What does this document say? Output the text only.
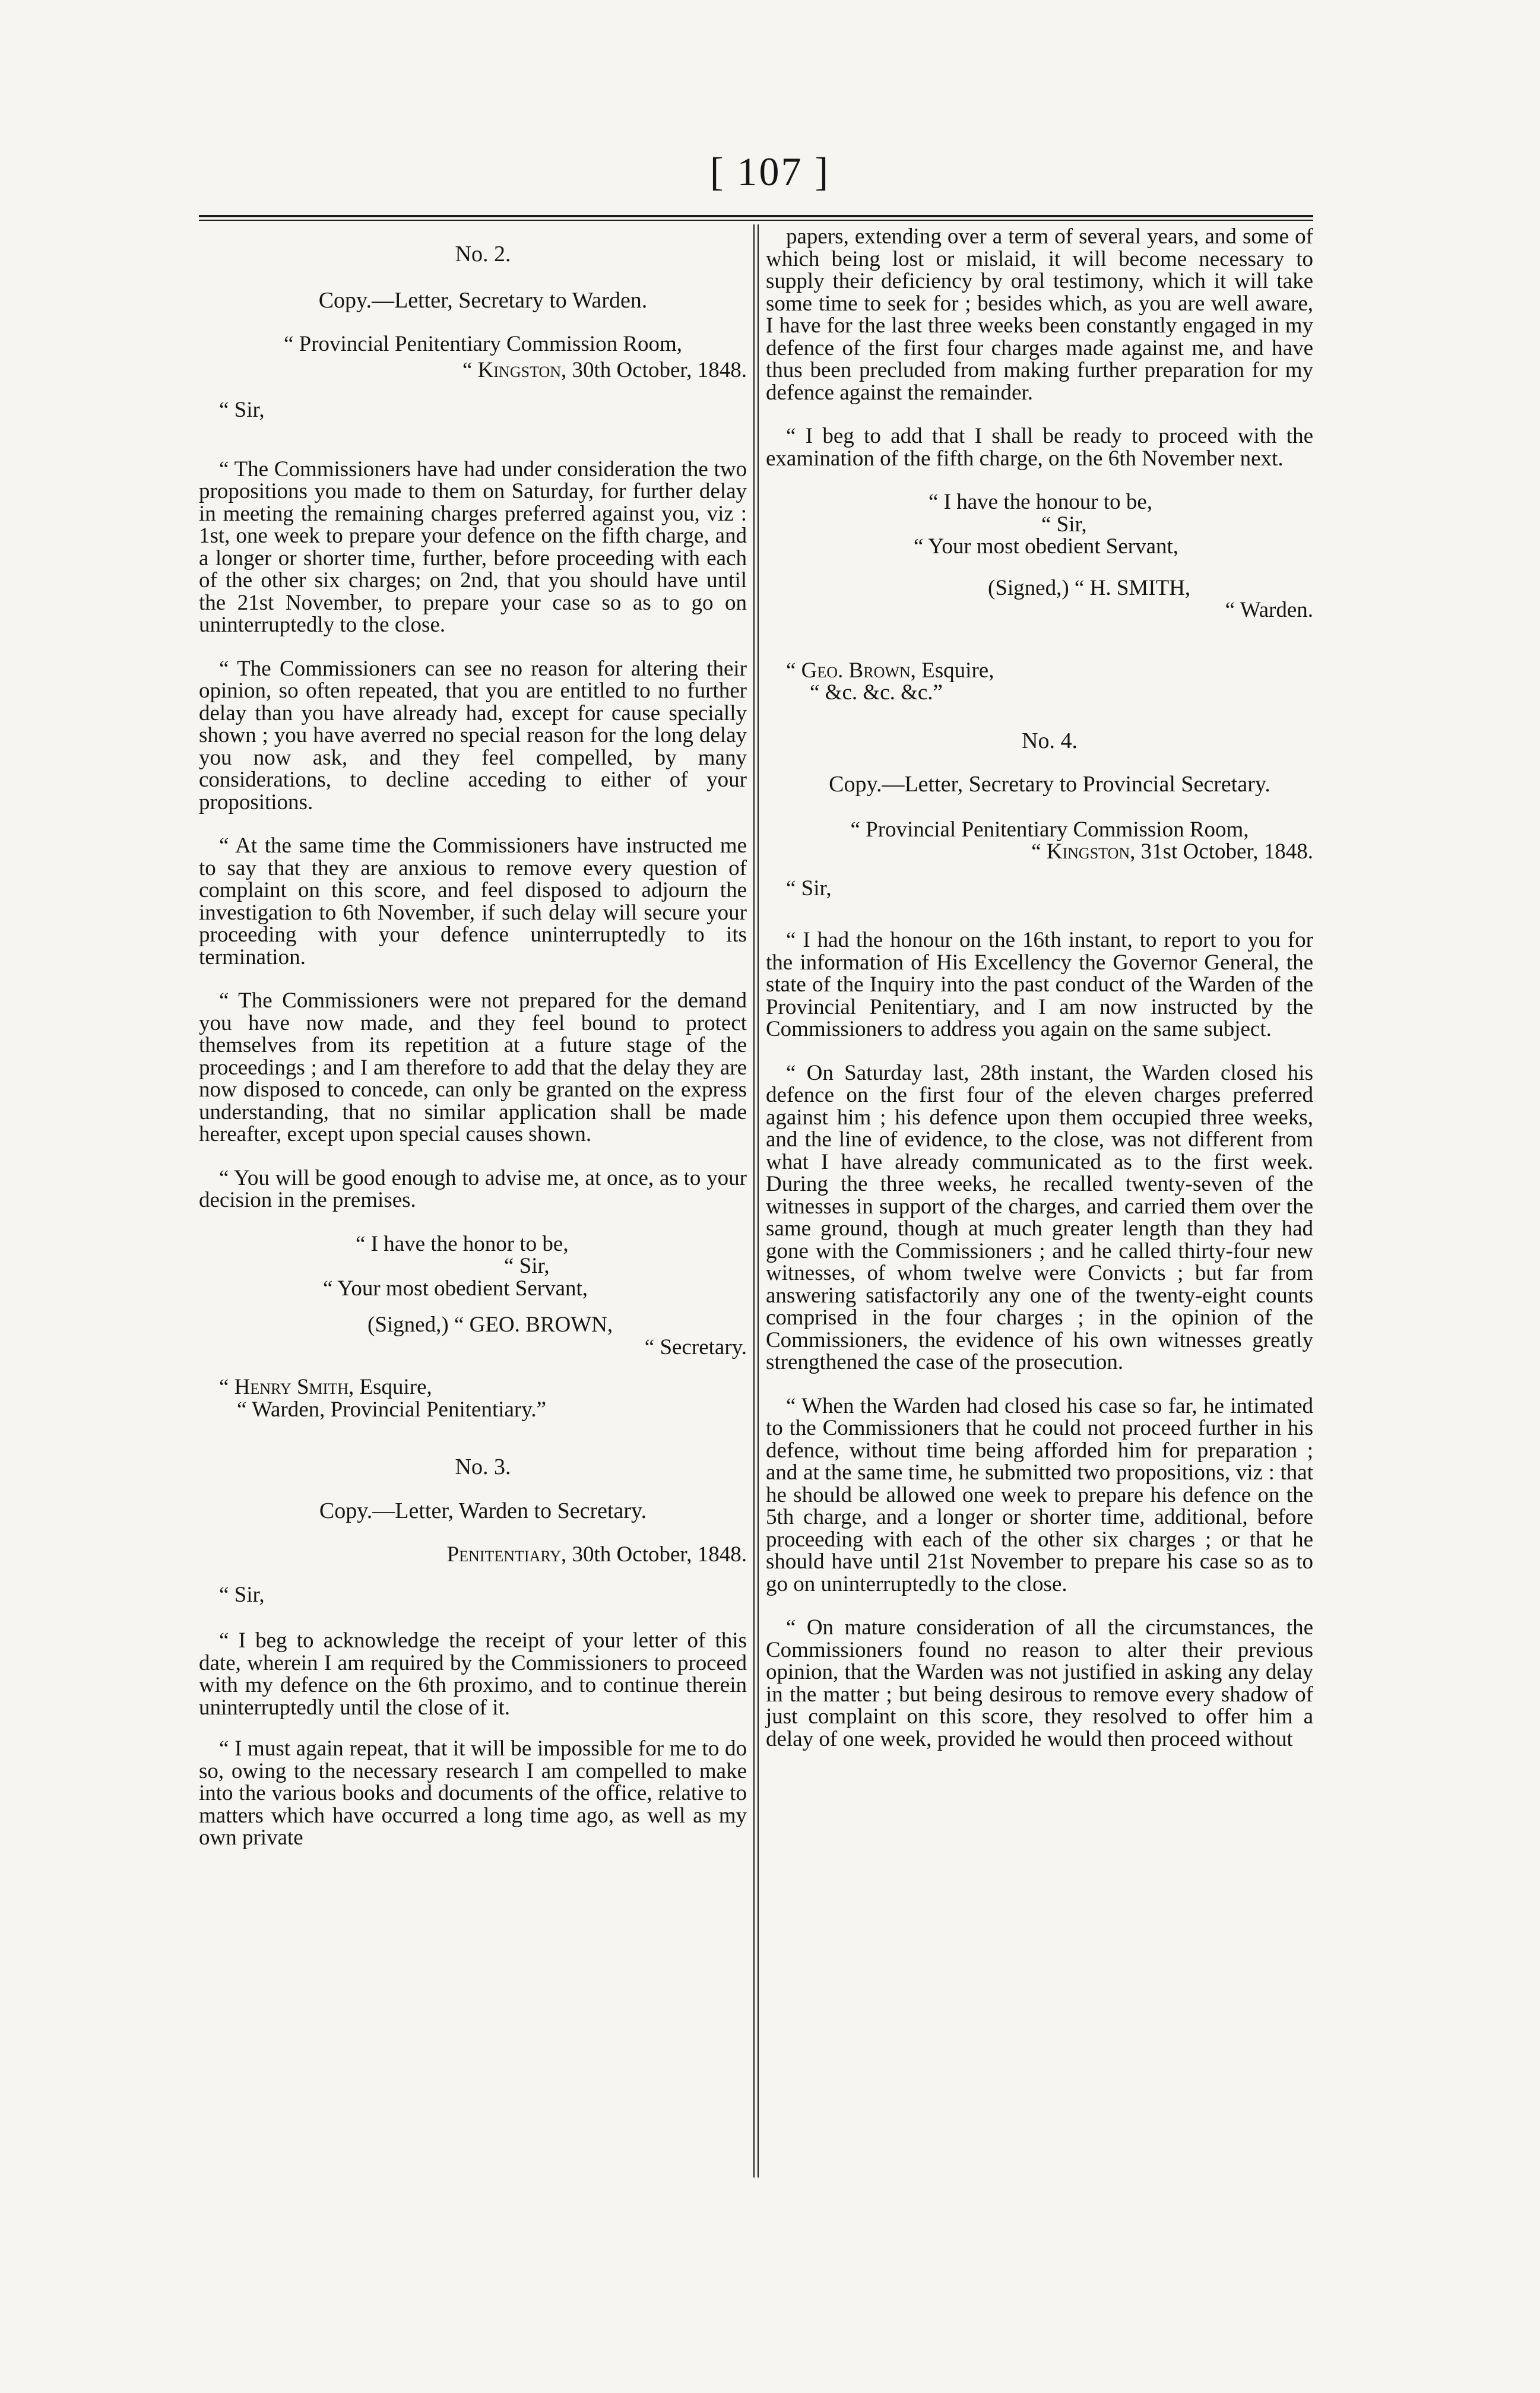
[ 107 ]

No. 2.

Copy.—Letter, Secretary to Warden.

“ Provincial Penitentiary Commission Room,

“ Kingston, 30th October, 1848.

“ Sir,

“ The Commissioners have had under consideration the two propositions you made to them on Saturday, for further delay in meeting the remaining charges preferred against you, viz : 1st, one week to prepare your defence on the fifth charge, and a longer or shorter time, further, before proceeding with each of the other six charges; on 2nd, that you should have until the 21st November, to prepare your case so as to go on uninterruptedly to the close.

“ The Commissioners can see no reason for altering their opinion, so often repeated, that you are entitled to no further delay than you have already had, except for cause specially shown ; you have averred no special reason for the long delay you now ask, and they feel compelled, by many considerations, to decline acceding to either of your propositions.

“ At the same time the Commissioners have instructed me to say that they are anxious to remove every question of complaint on this score, and feel disposed to adjourn the investigation to 6th November, if such delay will secure your proceeding with your defence uninterruptedly to its termination.

“ The Commissioners were not prepared for the demand you have now made, and they feel bound to protect themselves from its repetition at a future stage of the proceedings ; and I am therefore to add that the delay they are now disposed to concede, can only be granted on the express understanding, that no similar application shall be made hereafter, except upon special causes shown.

“ You will be good enough to advise me, at once, as to your decision in the premises.

“ I have the honor to be,

“ Sir,

“ Your most obedient Servant,

(Signed,) “ GEO. BROWN,

“ Secretary.

“ Henry Smith, Esquire,

“ Warden, Provincial Penitentiary.”

No. 3.

Copy.—Letter, Warden to Secretary.

Penitentiary, 30th October, 1848.

“ Sir,

“ I beg to acknowledge the receipt of your letter of this date, wherein I am required by the Commissioners to proceed with my defence on the 6th proximo, and to continue therein uninterruptedly until the close of it.

“ I must again repeat, that it will be impossible for me to do so, owing to the necessary research I am compelled to make into the various books and documents of the office, relative to matters which have occurred a long time ago, as well as my own private

papers, extending over a term of several years, and some of which being lost or mislaid, it will become necessary to supply their deficiency by oral testimony, which it will take some time to seek for ; besides which, as you are well aware, I have for the last three weeks been constantly engaged in my defence of the first four charges made against me, and have thus been precluded from making further preparation for my defence against the remainder.

“ I beg to add that I shall be ready to proceed with the examination of the fifth charge, on the 6th November next.

“ I have the honour to be,

“ Sir,

“ Your most obedient Servant,

(Signed,) “ H. SMITH,

“ Warden.

“ Geo. Brown, Esquire,

“ &c. &c. &c.”

No. 4.

Copy.—Letter, Secretary to Provincial Secretary.

“ Provincial Penitentiary Commission Room,

“ Kingston, 31st October, 1848.

“ Sir,

“ I had the honour on the 16th instant, to report to you for the information of His Excellency the Governor General, the state of the Inquiry into the past conduct of the Warden of the Provincial Penitentiary, and I am now instructed by the Commissioners to address you again on the same subject.

“ On Saturday last, 28th instant, the Warden closed his defence on the first four of the eleven charges preferred against him ; his defence upon them occupied three weeks, and the line of evidence, to the close, was not different from what I have already communicated as to the first week. During the three weeks, he recalled twenty-seven of the witnesses in support of the charges, and carried them over the same ground, though at much greater length than they had gone with the Commissioners ; and he called thirty-four new witnesses, of whom twelve were Convicts ; but far from answering satisfactorily any one of the twenty-eight counts comprised in the four charges ; in the opinion of the Commissioners, the evidence of his own witnesses greatly strengthened the case of the prosecution.

“ When the Warden had closed his case so far, he intimated to the Commissioners that he could not proceed further in his defence, without time being afforded him for preparation ; and at the same time, he submitted two propositions, viz : that he should be allowed one week to prepare his defence on the 5th charge, and a longer or shorter time, additional, before proceeding with each of the other six charges ; or that he should have until 21st November to prepare his case so as to go on uninterruptedly to the close.

“ On mature consideration of all the circumstances, the Commissioners found no reason to alter their previous opinion, that the Warden was not justified in asking any delay in the matter ; but being desirous to remove every shadow of just complaint on this score, they resolved to offer him a delay of one week, provided he would then proceed without
